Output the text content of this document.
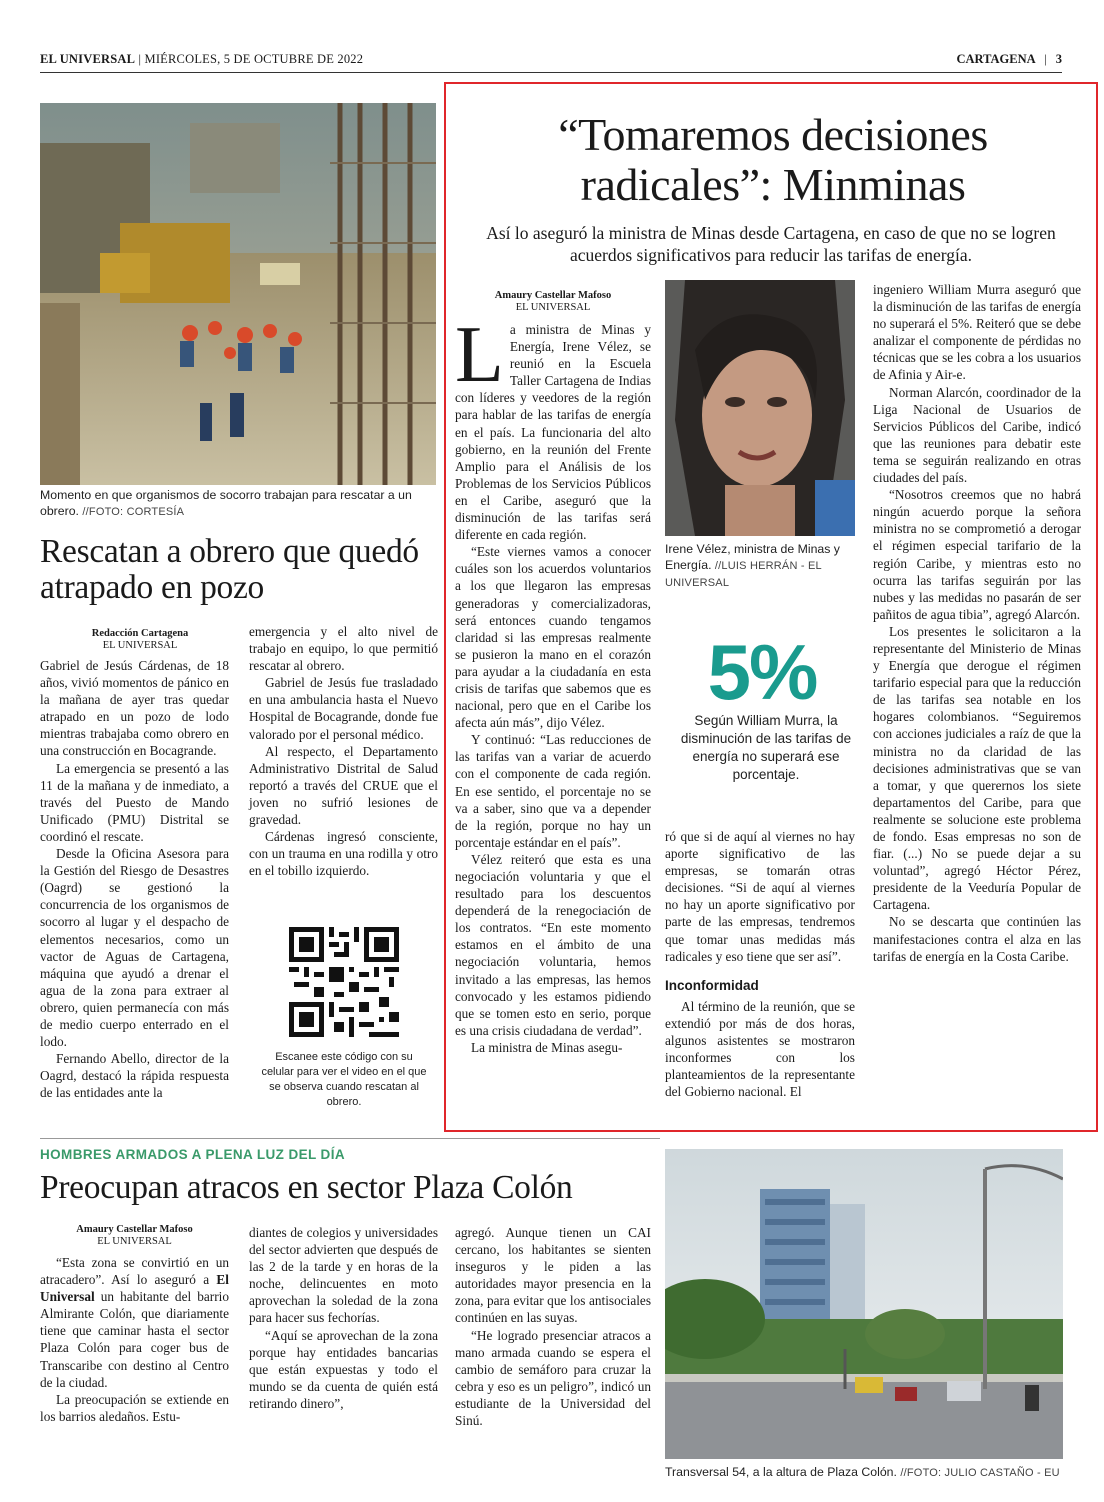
EL UNIVERSAL | MIÉRCOLES, 5 DE OCTUBRE DE 2022	CARTAGENA | 3
Momento en que organismos de socorro trabajan para rescatar a un obrero. //FOTO: CORTESÍA
Rescatan a obrero que quedó atrapado en pozo
Redacción Cartagena
EL UNIVERSAL

Gabriel de Jesús Cárdenas, de 18 años, vivió momentos de pánico en la mañana de ayer tras quedar atrapado en un pozo de lodo mientras trabajaba como obrero en una construcción en Bocagrande.

La emergencia se presentó a las 11 de la mañana y de inmediato, a través del Puesto de Mando Unificado (PMU) Distrital se coordinó el rescate.

Desde la Oficina Asesora para la Gestión del Riesgo de Desastres (Oagrd) se gestionó la concurrencia de los organismos de socorro al lugar y el despacho de elementos necesarios, como un vactor de Aguas de Cartagena, máquina que ayudó a drenar el agua de la zona para extraer al obrero, quien permanecía con más de medio cuerpo enterrado en el lodo.

Fernando Abello, director de la Oagrd, destacó la rápida respuesta de las entidades ante la

emergencia y el alto nivel de trabajo en equipo, lo que permitió rescatar al obrero.

Gabriel de Jesús fue trasladado en una ambulancia hasta el Nuevo Hospital de Bocagrande, donde fue valorado por el personal médico.

Al respecto, el Departamento Administrativo Distrital de Salud reportó a través del CRUE que el joven no sufrió lesiones de gravedad.

Cárdenas ingresó consciente, con un trauma en una rodilla y otro en el tobillo izquierdo.

Escanee este código con su celular para ver el video en el que se observa cuando rescatan al obrero.
“Tomaremos decisiones radicales”: Minminas
Así lo aseguró la ministra de Minas desde Cartagena, en caso de que no se logren acuerdos significativos para reducir las tarifas de energía.
Amaury Castellar Mafoso
EL UNIVERSAL

La ministra de Minas y Energía, Irene Vélez, se reunió en la Escuela Taller Cartagena de Indias con líderes y veedores de la región para hablar de las tarifas de energía en el país. La funcionaria del alto gobierno, en la reunión del Frente Amplio para el Análisis de los Problemas de los Servicios Públicos en el Caribe, aseguró que la disminución de las tarifas será diferente en cada región.

“Este viernes vamos a conocer cuáles son los acuerdos voluntarios a los que llegaron las empresas generadoras y comercializadoras, será entonces cuando tengamos claridad si las empresas realmente se pusieron la mano en el corazón para ayudar a la ciudadanía en esta crisis de tarifas que sabemos que es nacional, pero que en el Caribe los afecta aún más”, dijo Vélez.

Y continuó: “Las reducciones de las tarifas van a variar de acuerdo con el componente de cada región. En ese sentido, el porcentaje no se va a saber, sino que va a depender de la región, porque no hay un porcentaje estándar en el país”.

Vélez reiteró que esta es una negociación voluntaria y que el resultado para los descuentos dependerá de la renegociación de los contratos. “En este momento estamos en el ámbito de una negociación voluntaria, hemos invitado a las empresas, las hemos convocado y les estamos pidiendo que se tomen esto en serio, porque es una crisis ciudadana de verdad”.

La ministra de Minas asegu-

Irene Vélez, ministra de Minas y Energía. //LUIS HERRÁN - EL UNIVERSAL
5%
Según William Murra, la disminución de las tarifas de energía no superará ese porcentaje.

ró que si de aquí al viernes no hay aporte significativo de las empresas, se tomarán otras decisiones. “Si de aquí al viernes no hay un aporte significativo por parte de las empresas, tendremos que tomar unas medidas más radicales y eso tiene que ser así”.

Inconformidad

Al término de la reunión, que se extendió por más de dos horas, algunos asistentes se mostraron inconformes con los planteamientos de la representante del Gobierno nacional. El

ingeniero William Murra aseguró que la disminución de las tarifas de energía no superará el 5%. Reiteró que se debe analizar el componente de pérdidas no técnicas que se les cobra a los usuarios de Afinia y Air-e.

Norman Alarcón, coordinador de la Liga Nacional de Usuarios de Servicios Públicos del Caribe, indicó que las reuniones para debatir este tema se seguirán realizando en otras ciudades del país.

“Nosotros creemos que no habrá ningún acuerdo porque la señora ministra no se comprometió a derogar el régimen especial tarifario de la región Caribe, y mientras esto no ocurra las tarifas seguirán por las nubes y las medidas no pasarán de ser pañitos de agua tibia”, agregó Alarcón.

Los presentes le solicitaron a la representante del Ministerio de Minas y Energía que derogue el régimen tarifario especial para que la reducción de las tarifas sea notable en los hogares colombianos. “Seguiremos con acciones judiciales a raíz de que la ministra no da claridad de las decisiones administrativas que se van a tomar, y que querernos los siete departamentos del Caribe, para que realmente se solucione este problema de fondo. Esas empresas no son de fiar. (...) No se puede dejar a su voluntad”, agregó Héctor Pérez, presidente de la Veeduría Popular de Cartagena.

No se descarta que continúen las manifestaciones contra el alza en las tarifas de energía en la Costa Caribe.

HOMBRES ARMADOS A PLENA LUZ DEL DÍA
Preocupan atracos en sector Plaza Colón
Amaury Castellar Mafoso
EL UNIVERSAL

“Esta zona se convirtió en un atracadero”. Así lo aseguró a El Universal un habitante del barrio Almirante Colón, que diariamente tiene que caminar hasta el sector Plaza Colón para coger bus de Transcaribe con destino al Centro de la ciudad.

La preocupación se extiende en los barrios aledaños. Estu-

diantes de colegios y universidades del sector advierten que después de las 2 de la tarde y en horas de la noche, delincuentes en moto aprovechan la soledad de la zona para hacer sus fechorías.

“Aquí se aprovechan de la zona porque hay entidades bancarias que están expuestas y todo el mundo se da cuenta de quién está retirando dinero”,

agregó. Aunque tienen un CAI cercano, los habitantes se sienten inseguros y le piden a las autoridades mayor presencia en la zona, para evitar que los antisociales continúen en las suyas.

“He logrado presenciar atracos a mano armada cuando se espera el cambio de semáforo para cruzar la cebra y eso es un peligro”, indicó un estudiante de la Universidad del Sinú.

Transversal 54, a la altura de Plaza Colón. //FOTO: JULIO CASTAÑO - EU
